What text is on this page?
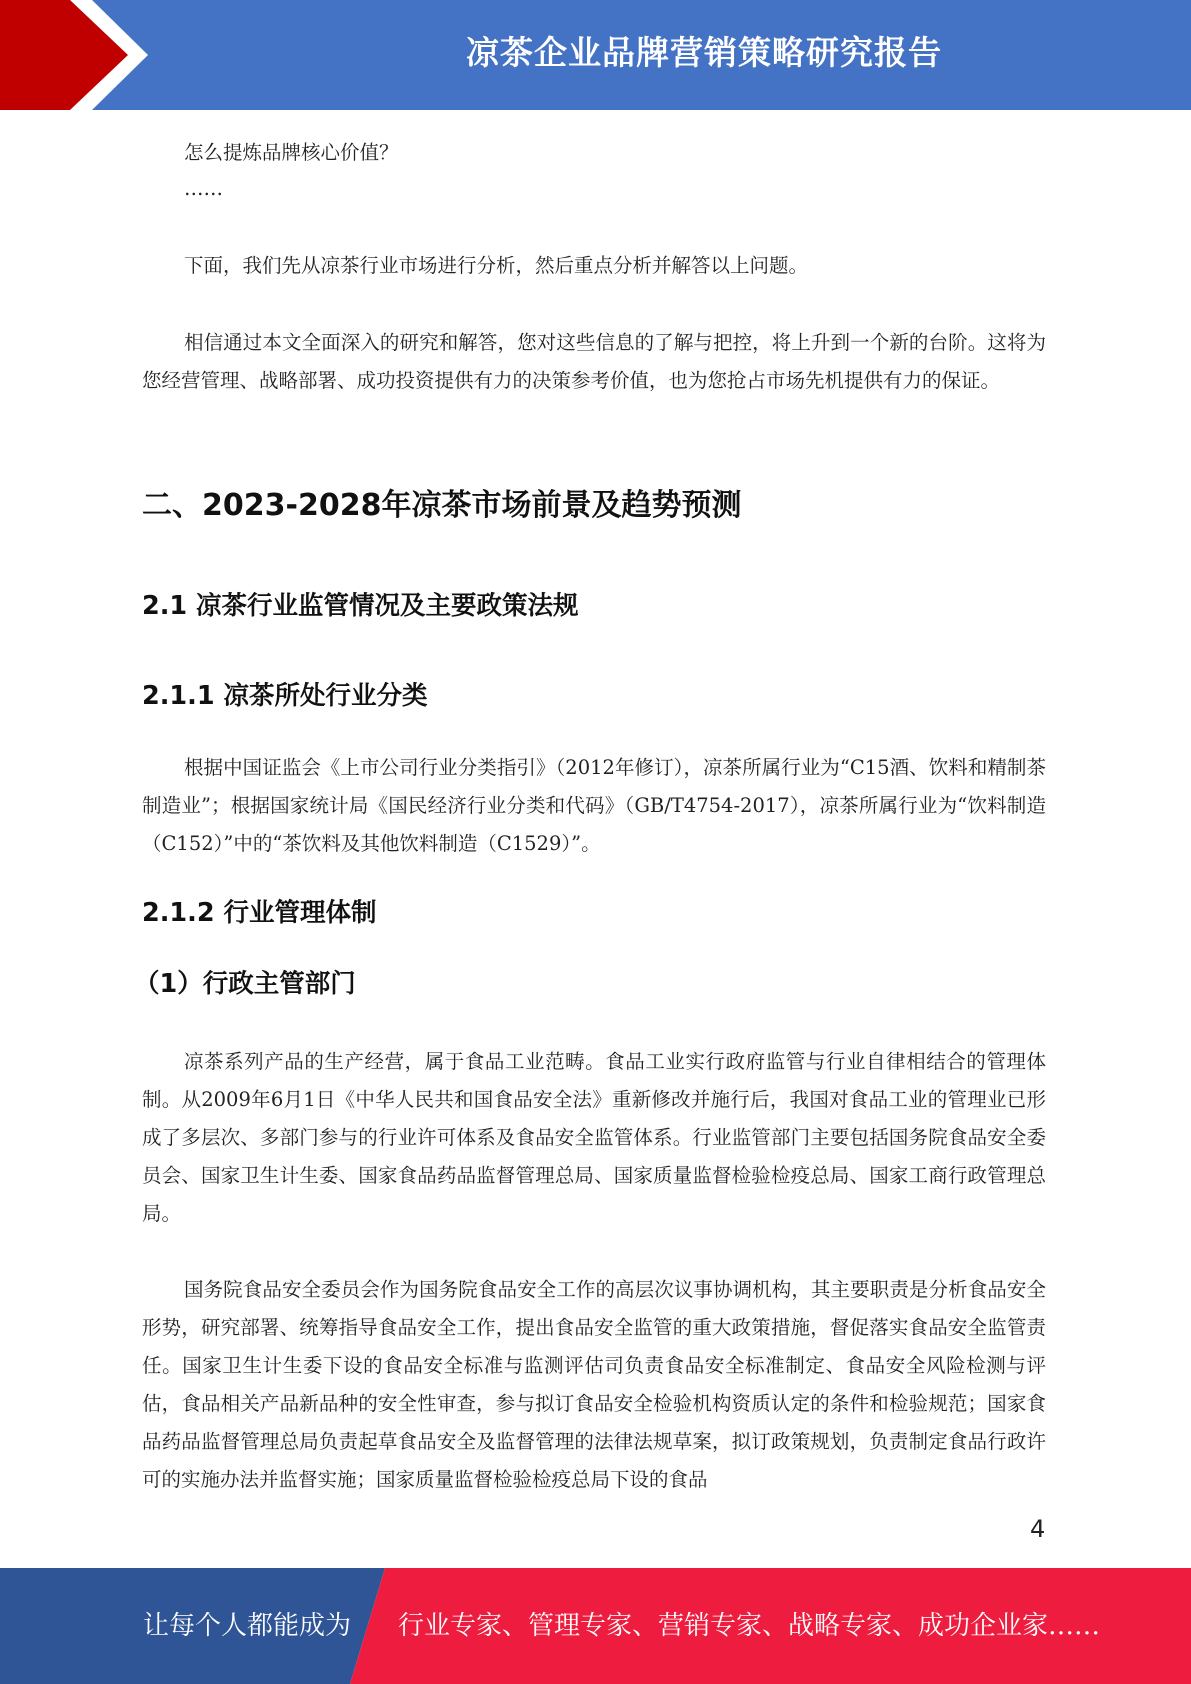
凉茶企业品牌营销策略研究报告
怎么提炼品牌核心价值？
……
下面，我们先从凉茶行业市场进行分析，然后重点分析并解答以上问题。
相信通过本文全面深入的研究和解答，您对这些信息的了解与把控，将上升到一个新的台阶。这将为您经营管理、战略部署、成功投资提供有力的决策参考价值，也为您抢占市场先机提供有力的保证。
二、2023-2028年凉茶市场前景及趋势预测
2.1 凉茶行业监管情况及主要政策法规
2.1.1 凉茶所处行业分类
根据中国证监会《上市公司行业分类指引》（2012年修订），凉茶所属行业为“C15酒、饮料和精制茶制造业”；根据国家统计局《国民经济行业分类和代码》（GB/T4754-2017），凉茶所属行业为“饮料制造（C152）”中的“茶饮料及其他饮料制造（C1529）”。
2.1.2 行业管理体制
（1）行政主管部门
凉茶系列产品的生产经营，属于食品工业范畴。食品工业实行政府监管与行业自律相结合的管理体制。从2009年6月1日《中华人民共和国食品安全法》重新修改并施行后，我国对食品工业的管理业已形成了多层次、多部门参与的行业许可体系及食品安全监管体系。行业监管部门主要包括国务院食品安全委员会、国家卫生计生委、国家食品药品监督管理总局、国家质量监督检验检疫总局、国家工商行政管理总局。
国务院食品安全委员会作为国务院食品安全工作的高层次议事协调机构，其主要职责是分析食品安全形势，研究部署、统筹指导食品安全工作，提出食品安全监管的重大政策措施，督促落实食品安全监管责任。国家卫生计生委下设的食品安全标准与监测评估司负责食品安全标准制定、食品安全风险检测与评估，食品相关产品新品种的安全性审查，参与拟订食品安全检验机构资质认定的条件和检验规范；国家食品药品监督管理总局负责起草食品安全及监督管理的法律法规草案，拟订政策规划，负责制定食品行政许可的实施办法并监督实施；国家质量监督检验检疫总局下设的食品
4
让每个人都能成为 行业专家、管理专家、营销专家、战略专家、成功企业家……
